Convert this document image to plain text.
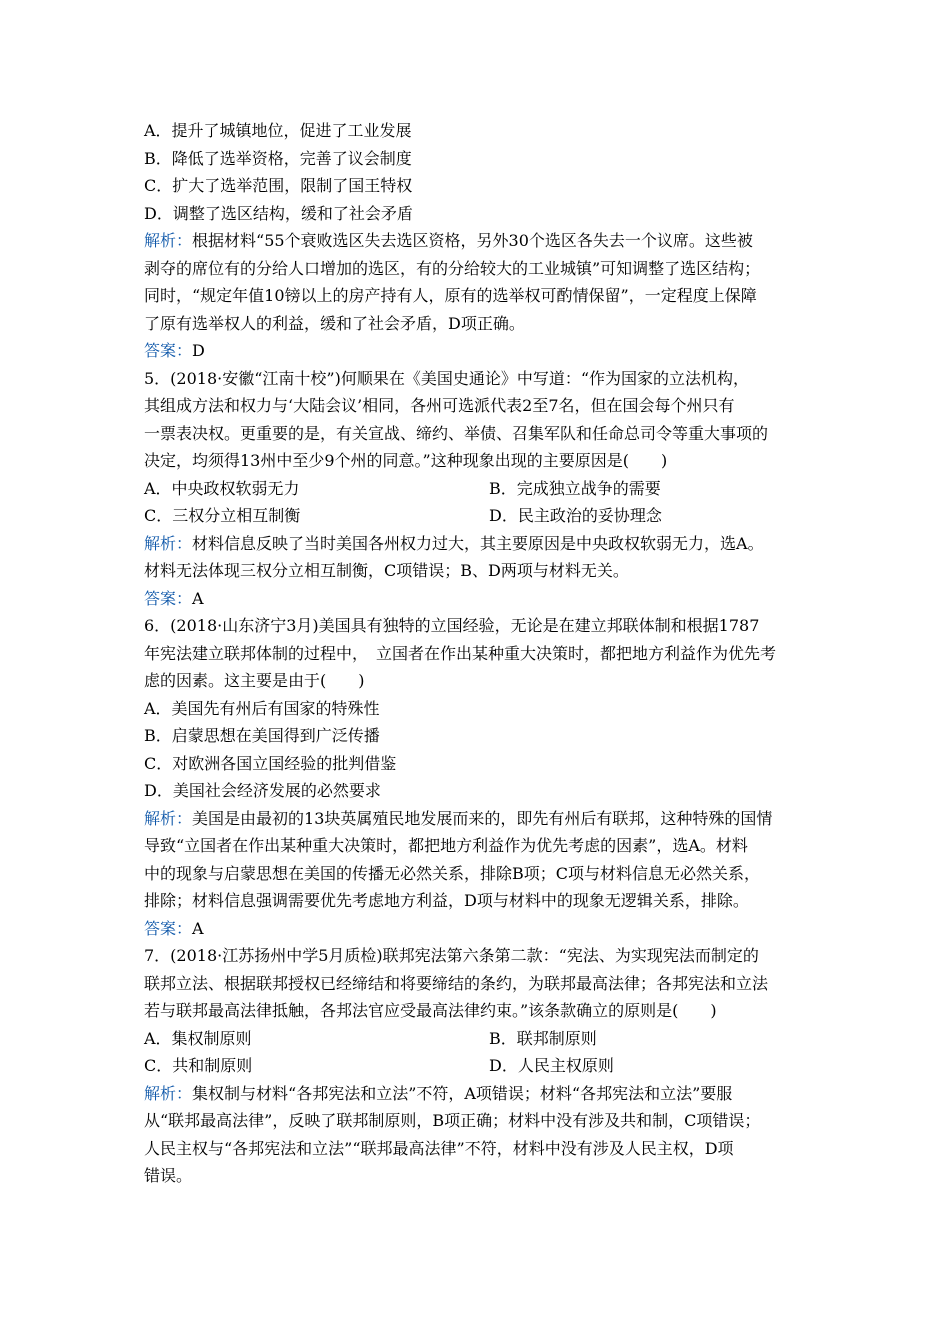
A．提升了城镇地位，促进了工业发展
B．降低了选举资格，完善了议会制度
C．扩大了选举范围，限制了国王特权
D．调整了选区结构，缓和了社会矛盾
解析：根据材料“55个衰败选区失去选区资格，另外30个选区各失去一个议席。这些被
剥夺的席位有的分给人口增加的选区，有的分给较大的工业城镇”可知调整了选区结构；
同时，“规定年值10镑以上的房产持有人，原有的选举权可酌情保留”，一定程度上保障
了原有选举权人的利益，缓和了社会矛盾，D项正确。
答案：D
5．(2018·安徽“江南十校”)何顺果在《美国史通论》中写道：“作为国家的立法机构，
其组成方法和权力与‘大陆会议’相同，各州可选派代表2至7名，但在国会每个州只有
一票表决权。更重要的是，有关宣战、缔约、举债、召集军队和任命总司令等重大事项的
决定，均须得13州中至少9个州的同意。”这种现象出现的主要原因是(　　)
A．中央政权软弱无力	B．完成独立战争的需要
C．三权分立相互制衡	D．民主政治的妥协理念
解析：材料信息反映了当时美国各州权力过大，其主要原因是中央政权软弱无力，选A。
材料无法体现三权分立相互制衡，C项错误；B、D两项与材料无关。
答案：A
6．(2018·山东济宁3月)美国具有独特的立国经验，无论是在建立邦联体制和根据1787
年宪法建立联邦体制的过程中，　立国者在作出某种重大决策时，都把地方利益作为优先考
虑的因素。这主要是由于(　　)
A．美国先有州后有国家的特殊性
B．启蒙思想在美国得到广泛传播
C．对欧洲各国立国经验的批判借鉴
D．美国社会经济发展的必然要求
解析：美国是由最初的13块英属殖民地发展而来的，即先有州后有联邦，这种特殊的国情
导致“立国者在作出某种重大决策时，都把地方利益作为优先考虑的因素”，选A。材料
中的现象与启蒙思想在美国的传播无必然关系，排除B项；C项与材料信息无必然关系，
排除；材料信息强调需要优先考虑地方利益，D项与材料中的现象无逻辑关系，排除。
答案：A
7．(2018·江苏扬州中学5月质检)联邦宪法第六条第二款：“宪法、为实现宪法而制定的
联邦立法、根据联邦授权已经缔结和将要缔结的条约，为联邦最高法律；各邦宪法和立法
若与联邦最高法律抵触，各邦法官应受最高法律约束。”该条款确立的原则是(　　)
A．集权制原则	B．联邦制原则
C．共和制原则	D．人民主权原则
解析：集权制与材料“各邦宪法和立法”不符，A项错误；材料“各邦宪法和立法”要服
从“联邦最高法律”，反映了联邦制原则，B项正确；材料中没有涉及共和制，C项错误；
人民主权与“各邦宪法和立法”“联邦最高法律”不符，材料中没有涉及人民主权，D项
错误。
